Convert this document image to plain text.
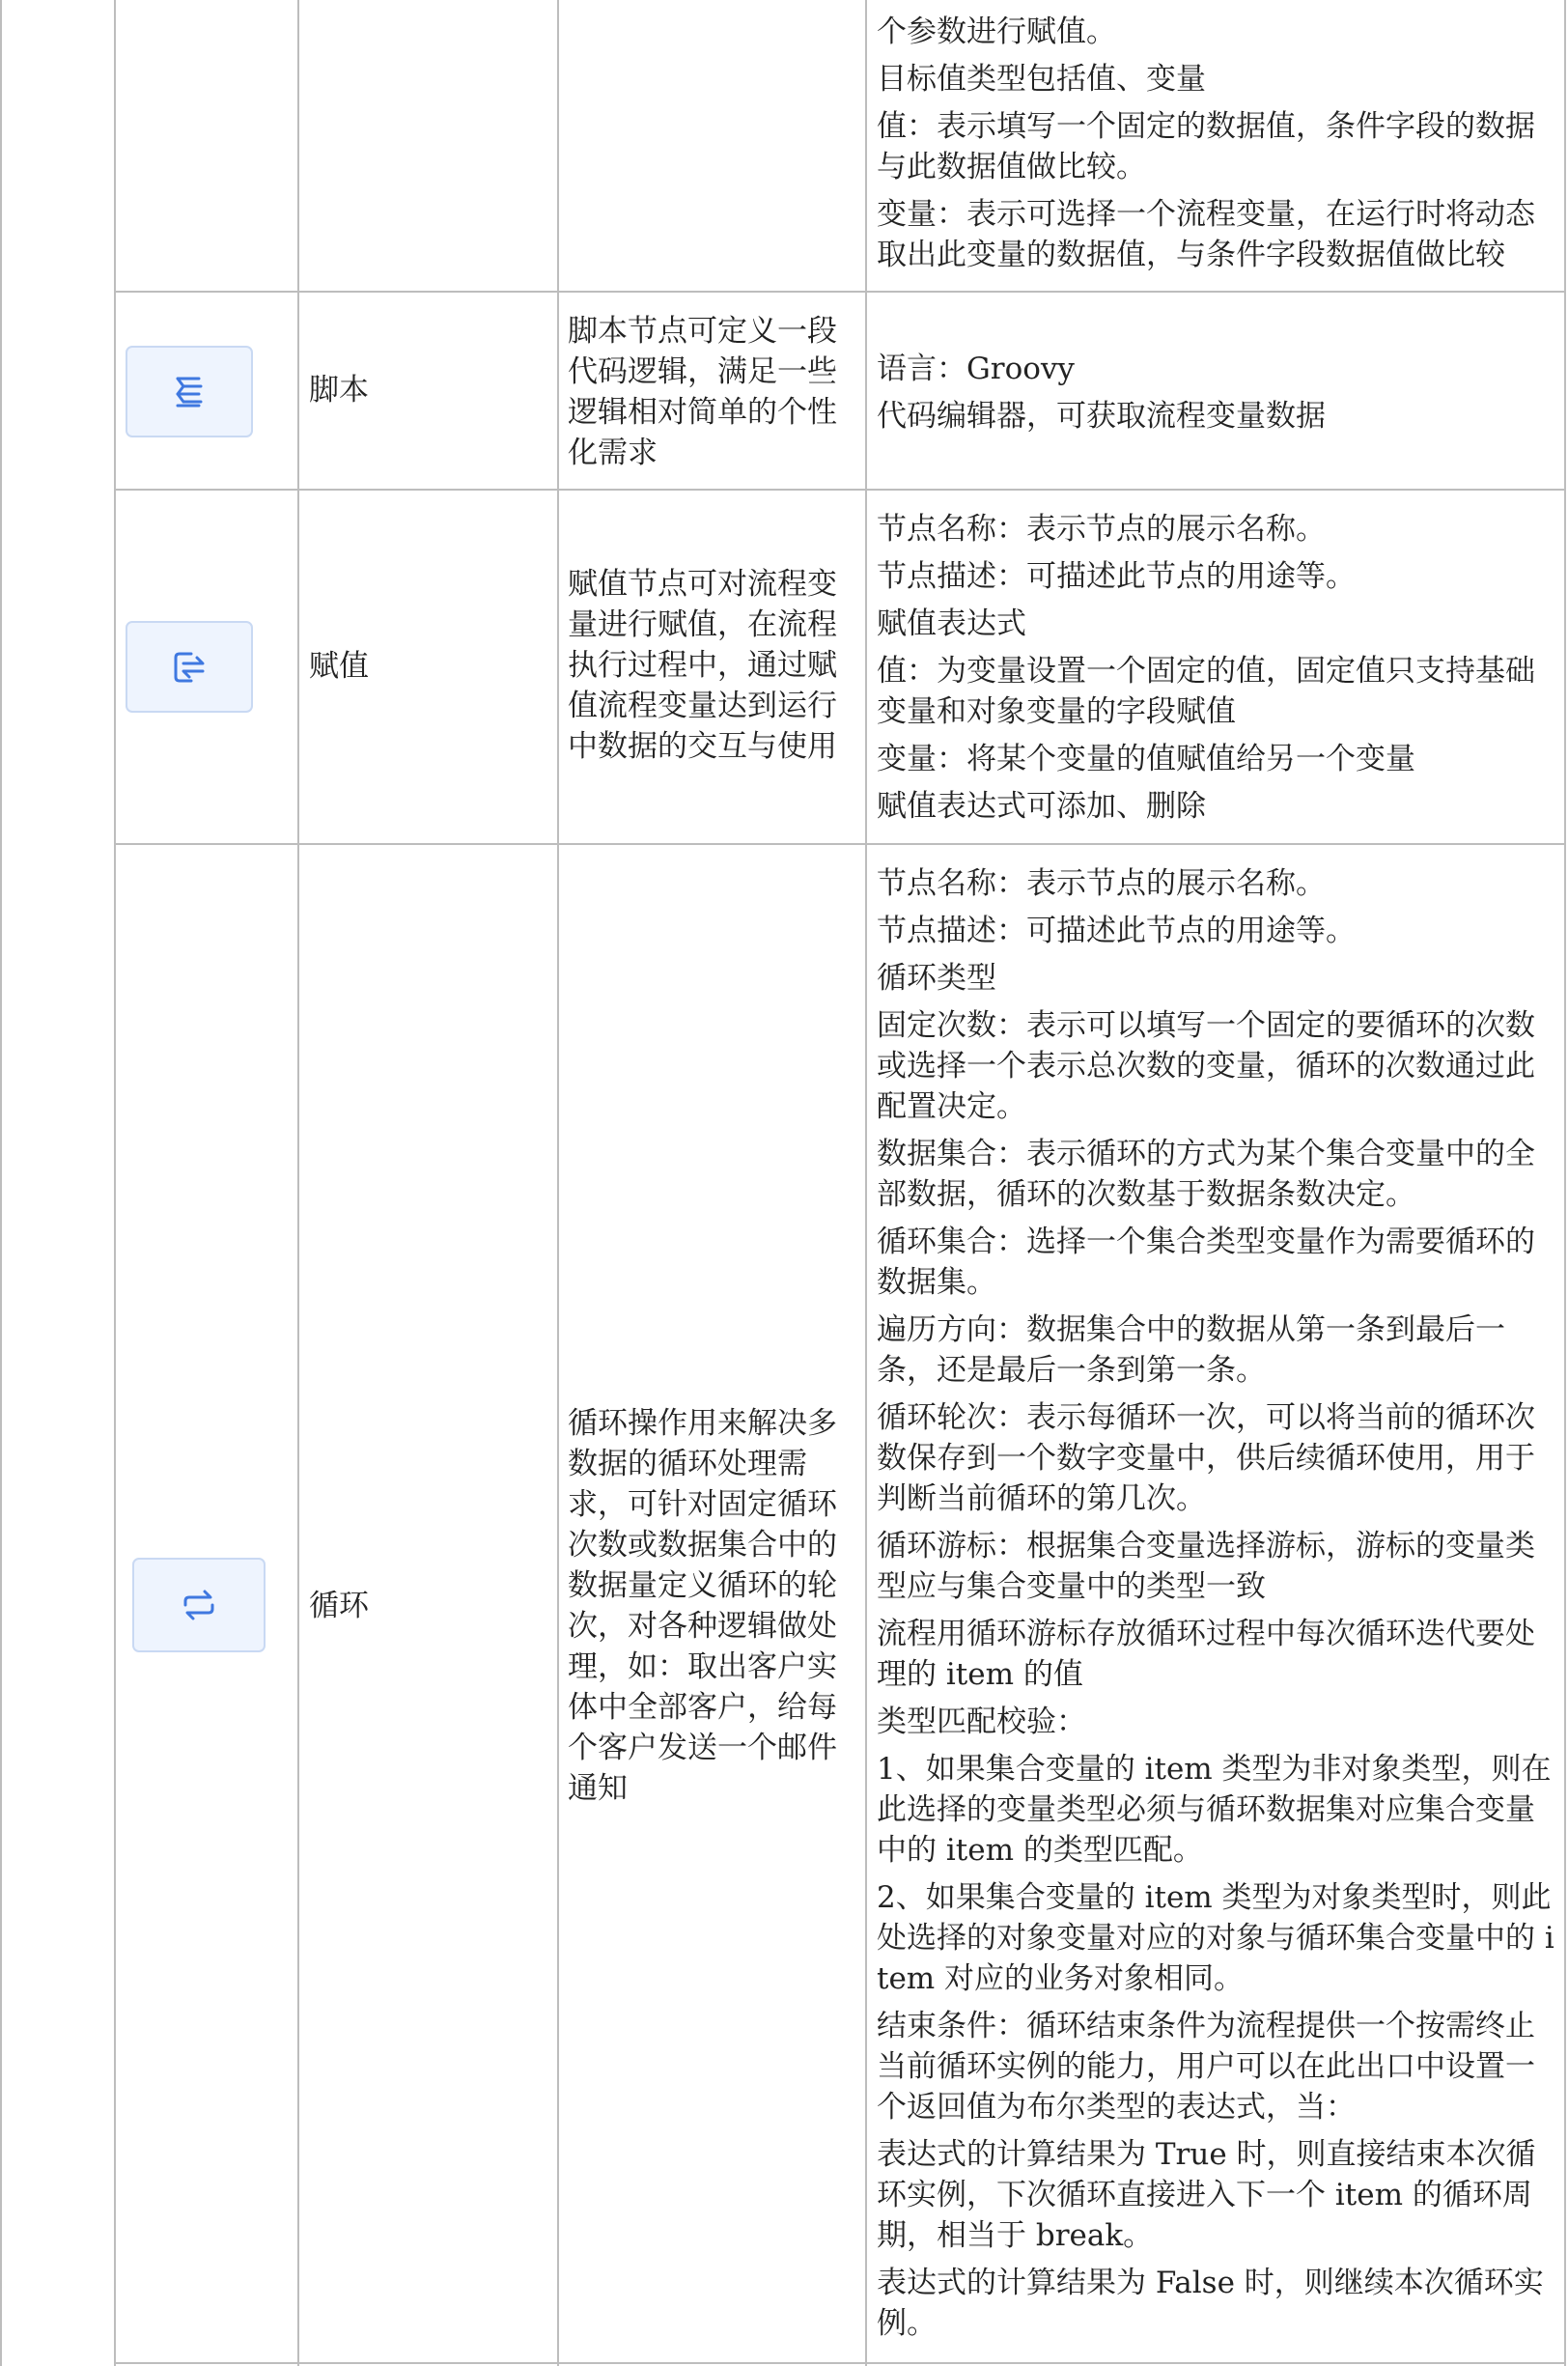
个参数进行赋值。
目标值类型包括值、变量
值：表示填写一个固定的数据值，条件字段的数据与此数据值做比较。
变量：表示可选择一个流程变量，在运行时将动态取出此变量的数据值，与条件字段数据值做比较
脚本

脚本节点可定义一段

代码逻辑，满足一些

逻辑相对简单的个性

化需求

语言：Groovy
代码编辑器，可获取流程变量数据
赋值

赋值节点可对流程变

量进行赋值，在流程

执行过程中，通过赋

值流程变量达到运行

中数据的交互与使用

节点名称：表示节点的展示名称。
节点描述：可描述此节点的用途等。
赋值表达式
值：为变量设置一个固定的值，固定值只支持基础变量和对象变量的字段赋值
变量：将某个变量的值赋值给另一个变量
赋值表达式可添加、删除
循环

循环操作用来解决多

数据的循环处理需

求，可针对固定循环

次数或数据集合中的

数据量定义循环的轮

次，对各种逻辑做处

理，如：取出客户实

体中全部客户，给每

个客户发送一个邮件

通知

节点名称：表示节点的展示名称。
节点描述：可描述此节点的用途等。
循环类型
固定次数：表示可以填写一个固定的要循环的次数或选择一个表示总次数的变量，循环的次数通过此配置决定。
数据集合：表示循环的方式为某个集合变量中的全部数据，循环的次数基于数据条数决定。
循环集合：选择一个集合类型变量作为需要循环的数据集。
遍历方向：数据集合中的数据从第一条到最后一条，还是最后一条到第一条。
循环轮次：表示每循环一次，可以将当前的循环次数保存到一个数字变量中，供后续循环使用，用于判断当前循环的第几次。
循环游标：根据集合变量选择游标，游标的变量类型应与集合变量中的类型一致
流程用循环游标存放循环过程中每次循环迭代要处理的 item 的值
类型匹配校验：
1、如果集合变量的 item 类型为非对象类型，则在此选择的变量类型必须与循环数据集对应集合变量中的 item 的类型匹配。
2、如果集合变量的 item 类型为对象类型时，则此处选择的对象变量对应的对象与循环集合变量中的 item 对应的业务对象相同。
结束条件：循环结束条件为流程提供一个按需终止当前循环实例的能力，用户可以在此出口中设置一个返回值为布尔类型的表达式，当：
表达式的计算结果为 True 时，则直接结束本次循环实例，下次循环直接进入下一个 item 的循环周期，相当于 break。
表达式的计算结果为 False 时，则继续本次循环实例。
